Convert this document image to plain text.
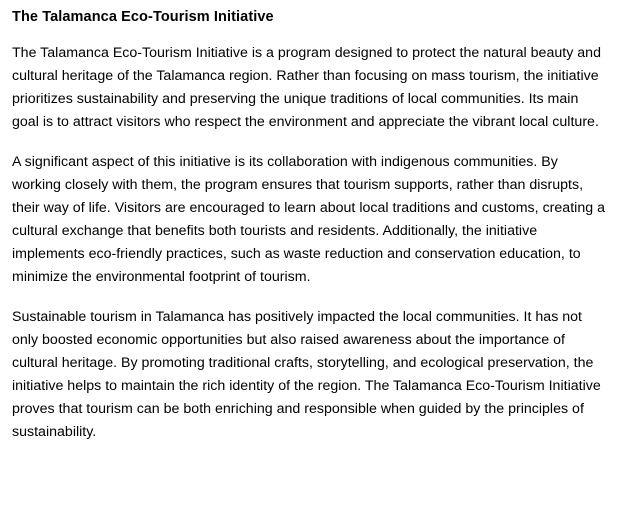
The Talamanca Eco-Tourism Initiative

The Talamanca Eco-Tourism Initiative is a program designed to protect the natural beauty and cultural heritage of the Talamanca region. Rather than focusing on mass tourism, the initiative prioritizes sustainability and preserving the unique traditions of local communities. Its main goal is to attract visitors who respect the environment and appreciate the vibrant local culture.

A significant aspect of this initiative is its collaboration with indigenous communities. By working closely with them, the program ensures that tourism supports, rather than disrupts, their way of life. Visitors are encouraged to learn about local traditions and customs, creating a cultural exchange that benefits both tourists and residents. Additionally, the initiative implements eco-friendly practices, such as waste reduction and conservation education, to minimize the environmental footprint of tourism.

Sustainable tourism in Talamanca has positively impacted the local communities. It has not only boosted economic opportunities but also raised awareness about the importance of cultural heritage. By promoting traditional crafts, storytelling, and ecological preservation, the initiative helps to maintain the rich identity of the region. The Talamanca Eco-Tourism Initiative proves that tourism can be both enriching and responsible when guided by the principles of sustainability.
